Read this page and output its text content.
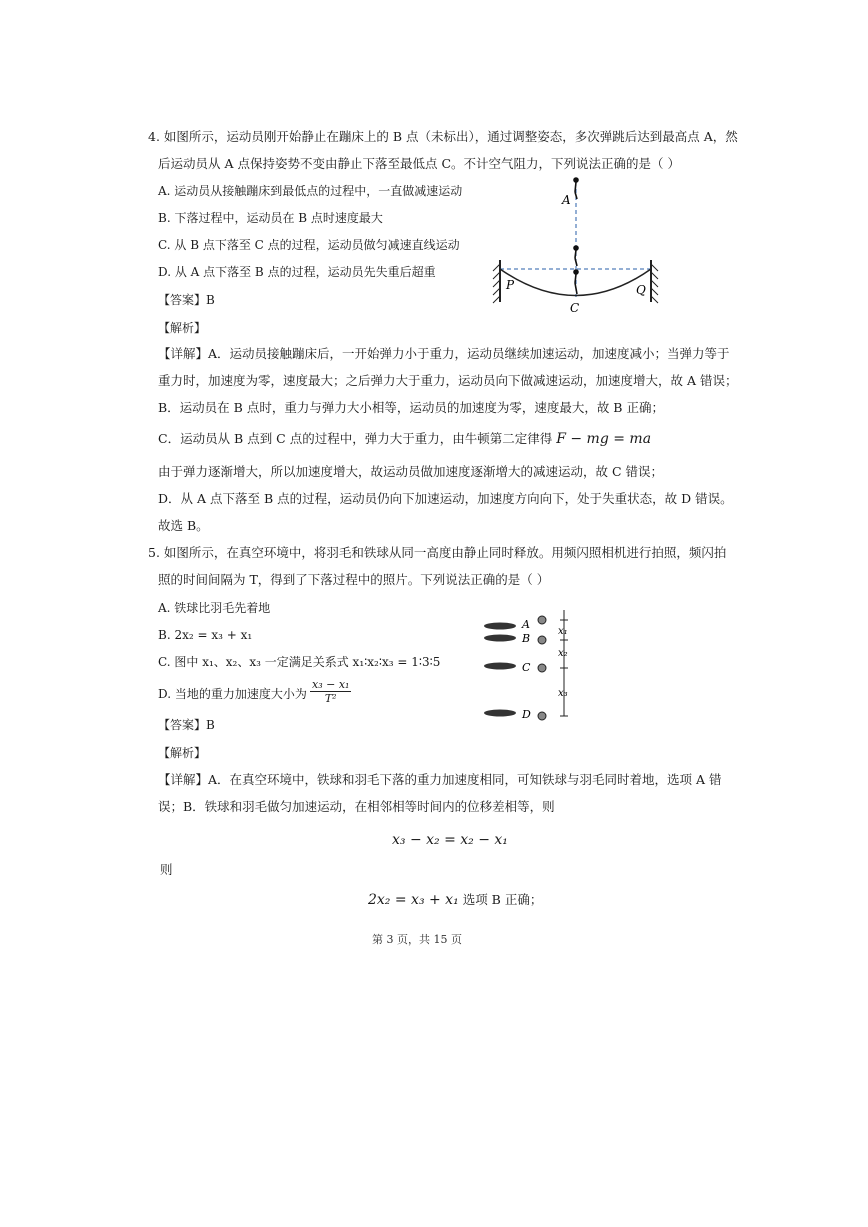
4. 如图所示，运动员刚开始静止在蹦床上的 B 点（未标出），通过调整姿态，多次弹跳后达到最高点 A，然
后运动员从 A 点保持姿势不变由静止下落至最低点 C。不计空气阻力，下列说法正确的是（ ）
A. 运动员从接触蹦床到最低点的过程中，一直做减速运动
B. 下落过程中，运动员在 B 点时速度最大
C. 从 B 点下落至 C 点的过程，运动员做匀减速直线运动
D. 从 A 点下落至 B 点的过程，运动员先失重后超重
A
P
C
Q
【答案】B
【解析】
【详解】A．运动员接触蹦床后，一开始弹力小于重力，运动员继续加速运动，加速度减小；当弹力等于
重力时，加速度为零，速度最大；之后弹力大于重力，运动员向下做减速运动，加速度增大，故 A 错误；
B．运动员在 B 点时，重力与弹力大小相等，运动员的加速度为零，速度最大，故 B 正确；
C．运动员从 B 点到 C 点的过程中，弹力大于重力，由牛顿第二定律得 F − mg = ma
由于弹力逐渐增大，所以加速度增大，故运动员做加速度逐渐增大的减速运动，故 C 错误；
D．从 A 点下落至 B 点的过程，运动员仍向下加速运动，加速度方向向下，处于失重状态，故 D 错误。
故选 B。
5. 如图所示，在真空环境中，将羽毛和铁球从同一高度由静止同时释放。用频闪照相机进行拍照，频闪拍
照的时间间隔为 T，得到了下落过程中的照片。下列说法正确的是（ ）
A. 铁球比羽毛先着地
B. 2x₂ = x₃ + x₁
C. 图中 x₁、x₂、x₃ 一定满足关系式 x₁∶x₂∶x₃ = 1∶3∶5
D. 当地的重力加速度大小为 $\frac{\text{x₃ − x₁}}{\text{T²}}$
A
B
C
D
x₁
x₂
x₃
【答案】B
【解析】
【详解】A．在真空环境中，铁球和羽毛下落的重力加速度相同，可知铁球与羽毛同时着地，选项 A 错
误；B．铁球和羽毛做匀加速运动，在相邻相等时间内的位移差相等，则
x₃ − x₂ = x₂ − x₁
则
2x₂ = x₃ + x₁ 选项 B 正确；
第 3 页，共 15 页
